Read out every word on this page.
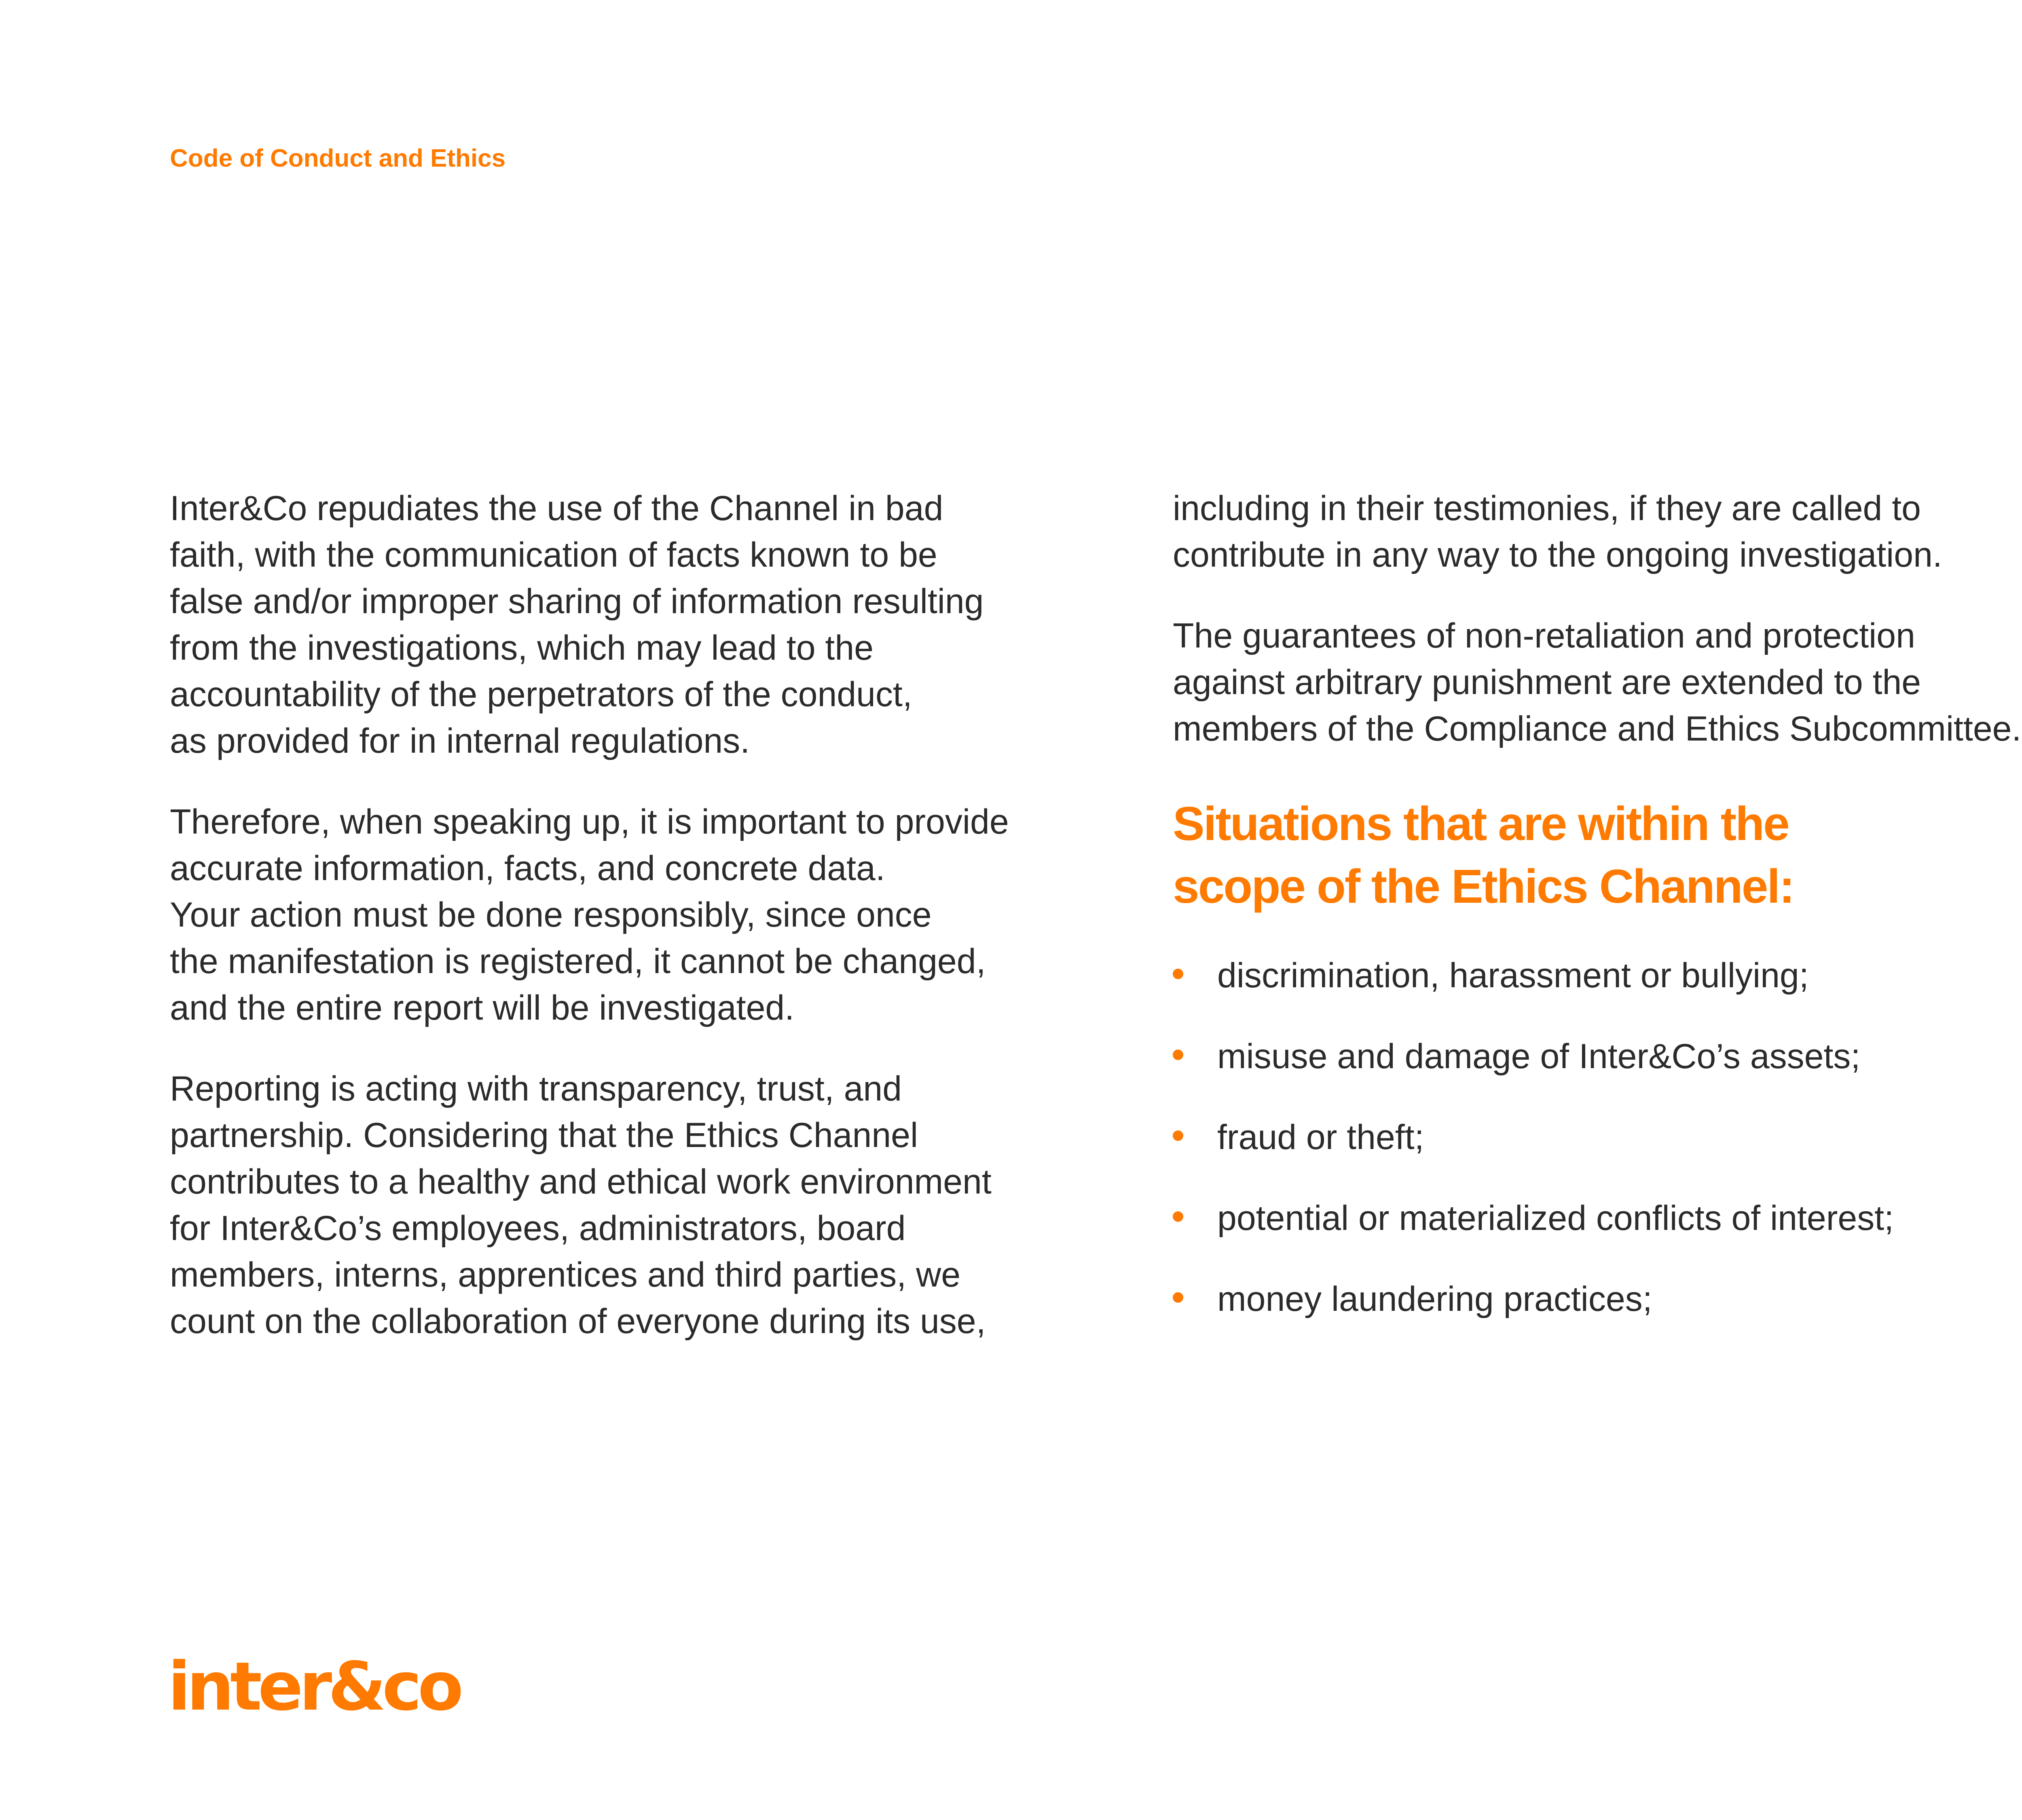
Code of Conduct and Ethics

Inter&Co repudiates the use of the Channel in bad
faith, with the communication of facts known to be
false and/or improper sharing of information resulting
from the investigations, which may lead to the
accountability of the perpetrators of the conduct,
as provided for in internal regulations.

Therefore, when speaking up, it is important to provide
accurate information, facts, and concrete data.
Your action must be done responsibly, since once
the manifestation is registered, it cannot be changed,
and the entire report will be investigated.

Reporting is acting with transparency, trust, and
partnership. Considering that the Ethics Channel
contributes to a healthy and ethical work environment
for Inter&Co’s employees, administrators, board
members, interns, apprentices and third parties, we
count on the collaboration of everyone during its use,

including in their testimonies, if they are called to
contribute in any way to the ongoing investigation.

The guarantees of non-retaliation and protection
against arbitrary punishment are extended to the
members of the Compliance and Ethics Subcommittee.

Situations that are within the
scope of the Ethics Channel:
discrimination, harassment or bullying;
misuse and damage of Inter&Co’s assets;
fraud or theft;
potential or materialized conflicts of interest;
money laundering practices;
inter&co
